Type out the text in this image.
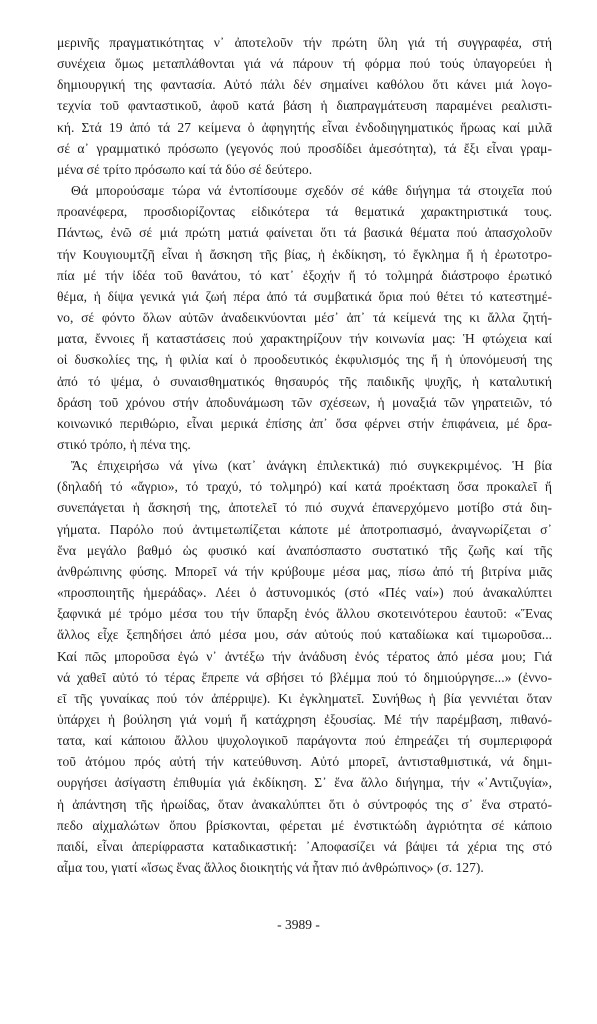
μερινῆς πραγματικότητας ν᾽ ἀποτελοῦν τήν πρώτη ὕλη γιά τή συγγραφέα, στή
συνέχεια ὅμως μεταπλάθονται γιά νά πάρουν τή φόρμα πού τούς ὑπαγορεύει ἡ
δημιουργική της φαντασία. Αὐτό πάλι δέν σημαίνει καθόλου ὅτι κάνει μιά λογο-
τεχνία τοῦ φανταστικοῦ, ἀφοῦ κατά βάση ἡ διαπραγμάτευση παραμένει ρεαλιστι-
κή. Στά 19 ἀπό τά 27 κείμενα ὁ ἀφηγητής εἶναι ἐνδοδιηγηματικός ἥρωας καί μιλᾶ
σέ α᾽ γραμματικό πρόσωπο (γεγονός πού προσδίδει ἀμεσότητα), τά ἔξι εἶναι γραμ-
μένα σέ τρίτο πρόσωπο καί τά δύο σέ δεύτερο.

Θά μπορούσαμε τώρα νά ἐντοπίσουμε σχεδόν σέ κάθε διήγημα τά στοιχεῖα πού
προανέφερα, προσδιορίζοντας εἰδικότερα τά θεματικά χαρακτηριστικά τους.
Πάντως, ἐνῶ σέ μιά πρώτη ματιά φαίνεται ὅτι τά βασικά θέματα πού ἀπασχολοῦν
τήν Κουγιουμτζῆ εἶναι ἡ ἄσκηση τῆς βίας, ἡ ἐκδίκηση, τό ἔγκλημα ἤ ἡ ἐρωτοτρο-
πία μέ τήν ἰδέα τοῦ θανάτου, τό κατ᾽ ἐξοχήν ἤ τό τολμηρά διάστροφο ἐρωτικό
θέμα, ἡ δίψα γενικά γιά ζωή πέρα ἀπό τά συμβατικά ὅρια πού θέτει τό κατεστημέ-
νο, σέ φόντο ὅλων αὐτῶν ἀναδεικνύονται μέσ᾽ ἀπ᾽ τά κείμενά της κι ἄλλα ζητή-
ματα, ἔννοιες ἤ καταστάσεις πού χαρακτηρίζουν τήν κοινωνία μας: Ἡ φτώχεια καί
οἱ δυσκολίες της, ἡ φιλία καί ὁ προοδευτικός ἐκφυλισμός της ἤ ἡ ὑπονόμευσή της
ἀπό τό ψέμα, ὁ συναισθηματικός θησαυρός τῆς παιδικῆς ψυχῆς, ἡ καταλυτική
δράση τοῦ χρόνου στήν ἀποδυνάμωση τῶν σχέσεων, ἡ μοναξιά τῶν γηρατειῶν, τό
κοινωνικό περιθώριο, εἶναι μερικά ἐπίσης ἀπ᾽ ὅσα φέρνει στήν ἐπιφάνεια, μέ δρα-
στικό τρόπο, ἡ πένα της.

Ἄς ἐπιχειρήσω νά γίνω (κατ᾽ ἀνάγκη ἐπιλεκτικά) πιό συγκεκριμένος. Ἡ βία
(δηλαδή τό «ἄγριο», τό τραχύ, τό τολμηρό) καί κατά προέκταση ὅσα προκαλεῖ ἤ
συνεπάγεται ἡ ἄσκησή της, ἀποτελεῖ τό πιό συχνά ἐπανερχόμενο μοτίβο στά διη-
γήματα. Παρόλο πού ἀντιμετωπίζεται κάποτε μέ ἀποτροπιασμό, ἀναγνωρίζεται σ᾽
ἕνα μεγάλο βαθμό ὡς φυσικό καί ἀναπόσπαστο συστατικό τῆς ζωῆς καί τῆς
ἀνθρώπινης φύσης. Μπορεῖ νά τήν κρύβουμε μέσα μας, πίσω ἀπό τή βιτρίνα μιᾶς
«προσποιητῆς ἡμεράδας». Λέει ὁ ἀστυνομικός (στό «Πές ναί») πού ἀνακαλύπτει
ξαφνικά μέ τρόμο μέσα του τήν ὕπαρξη ἑνός ἄλλου σκοτεινότερου ἑαυτοῦ: «Ἕνας
ἄλλος εἶχε ξεπηδήσει ἀπό μέσα μου, σάν αὐτούς πού καταδίωκα καί τιμωροῦσα...
Καί πῶς μποροῦσα ἐγώ ν᾽ ἀντέξω τήν ἀνάδυση ἑνός τέρατος ἀπό μέσα μου; Γιά
νά χαθεῖ αὐτό τό τέρας ἔπρεπε νά σβήσει τό βλέμμα πού τό δημιούργησε...» (ἐννο-
εῖ τῆς γυναίκας πού τόν ἀπέρριψε). Κι ἐγκληματεῖ. Συνήθως ἡ βία γεννιέται ὅταν
ὑπάρχει ἡ βούληση γιά νομή ἤ κατάχρηση ἐξουσίας. Μέ τήν παρέμβαση, πιθανό-
τατα, καί κάποιου ἄλλου ψυχολογικοῦ παράγοντα πού ἐπηρεάζει τή συμπεριφορά
τοῦ ἀτόμου πρός αὐτή τήν κατεύθυνση. Αὐτό μπορεῖ, ἀντισταθμιστικά, νά δημι-
ουργήσει ἀσίγαστη ἐπιθυμία γιά ἐκδίκηση. Σ᾽ ἕνα ἄλλο διήγημα, τήν «᾽Αντιζυγία»,
ἡ ἀπάντηση τῆς ἡρωίδας, ὅταν ἀνακαλύπτει ὅτι ὁ σύντροφός της σ᾽ ἕνα στρατό-
πεδο αἰχμαλώτων ὅπου βρίσκονται, φέρεται μέ ἐνστικτώδη ἀγριότητα σέ κάποιο
παιδί, εἶναι ἀπερίφραστα καταδικαστική: ᾽Αποφασίζει νά βάψει τά χέρια της στό
αἷμα του, γιατί «ἴσως ἕνας ἄλλος διοικητής νά ἦταν πιό ἀνθρώπινος» (σ. 127).

- 3989 -
